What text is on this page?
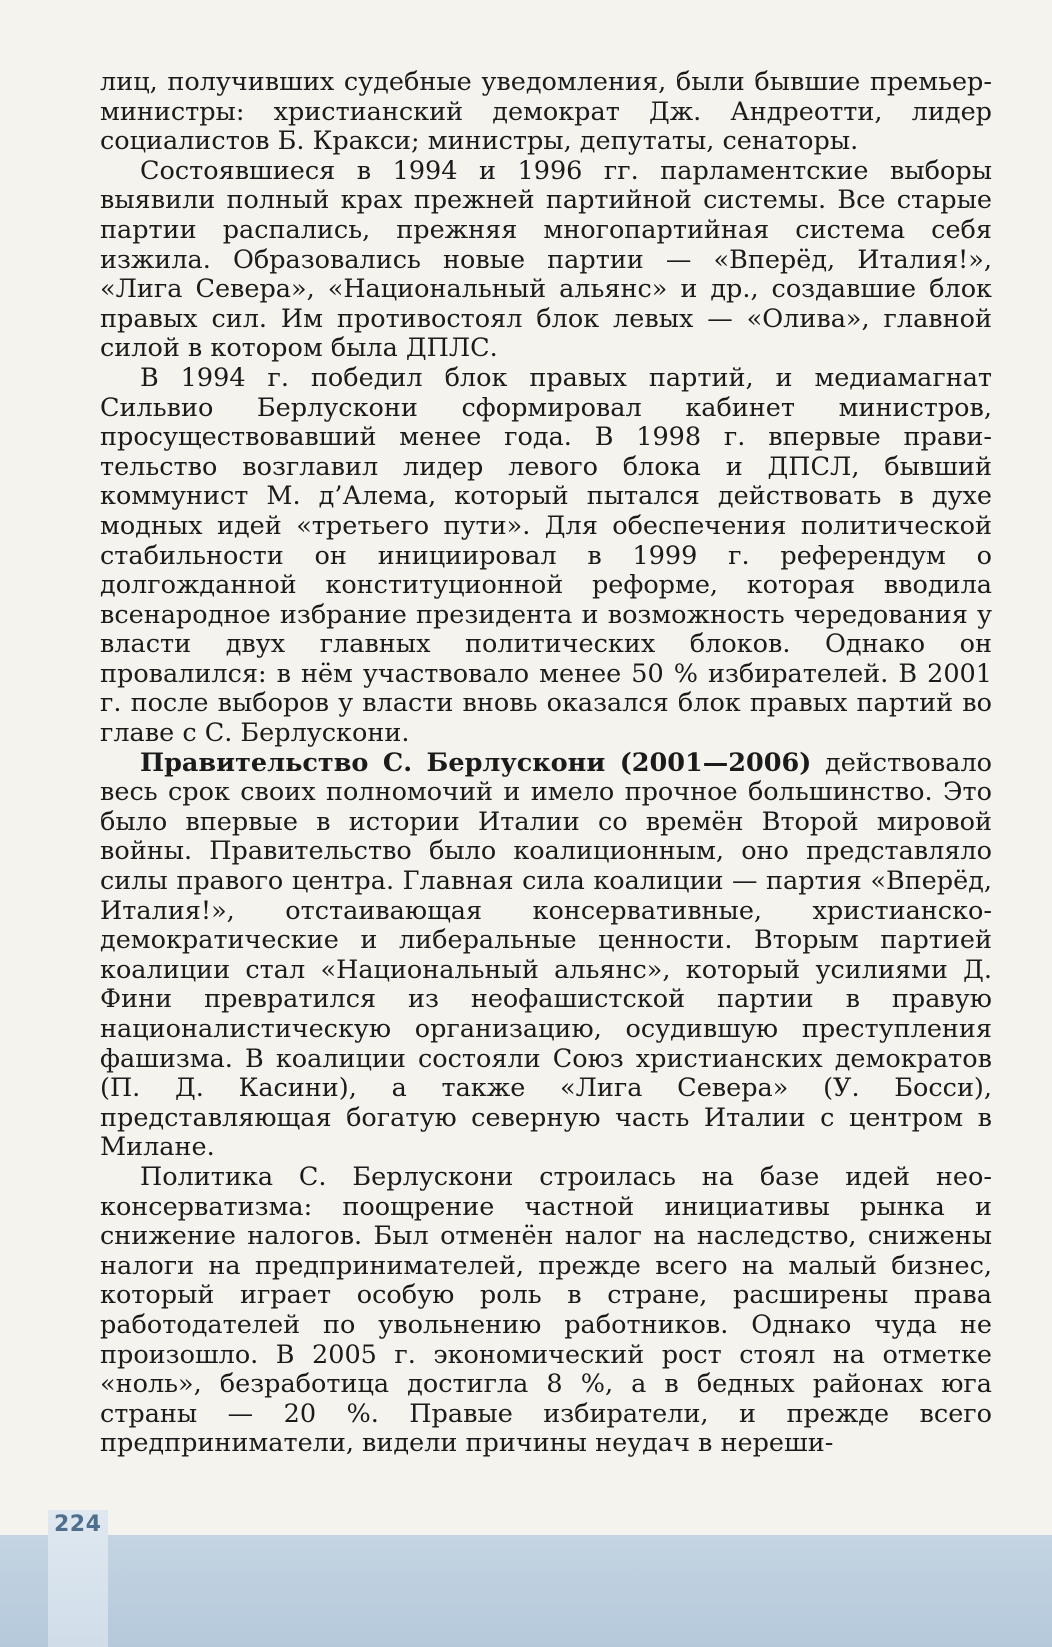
лиц, получивших судебные уведомления, были бывшие премьер-министры: христианский демократ Дж. Андреотти, лидер социалистов Б. Кракси; министры, депутаты, сенаторы.

Состоявшиеся в 1994 и 1996 гг. парламентские выборы выявили полный крах прежней партийной системы. Все старые партии распались, прежняя многопартийная система себя изжила. Образовались новые партии — «Вперёд, Италия!», «Лига Севера», «Национальный альянс» и др., создавшие блок правых сил. Им противостоял блок левых — «Олива», главной силой в котором была ДПЛС.

В 1994 г. победил блок правых партий, и медиамагнат Сильвио Берлускони сформировал кабинет министров, просуществовавший менее года. В 1998 г. впервые правительство возглавил лидер левого блока и ДПСЛ, бывший коммунист М. д’Алема, который пытался действовать в духе модных идей «третьего пути». Для обеспечения политической стабильности он инициировал в 1999 г. референдум о долгожданной конституционной реформе, которая вводила всенародное избрание президента и возможность чередования у власти двух главных политических блоков. Однако он провалился: в нём участвовало менее 50 % избирателей. В 2001 г. после выборов у власти вновь оказался блок правых партий во главе с С. Берлускони.

Правительство С. Берлускони (2001—2006) действовало весь срок своих полномочий и имело прочное большинство. Это было впервые в истории Италии со времён Второй мировой войны. Правительство было коалиционным, оно представляло силы правого центра. Главная сила коалиции — партия «Вперёд, Италия!», отстаивающая консервативные, христианско-демократические и либеральные ценности. Вторым партией коалиции стал «Национальный альянс», который усилиями Д. Фини превратился из неофашистской партии в правую националистическую организацию, осудившую преступления фашизма. В коалиции состояли Союз христианских демократов (П. Д. Касини), а также «Лига Севера» (У. Босси), представляющая богатую северную часть Италии с центром в Милане.

Политика С. Берлускони строилась на базе идей неоконсерватизма: поощрение частной инициативы рынка и снижение налогов. Был отменён налог на наследство, снижены налоги на предпринимателей, прежде всего на малый бизнес, который играет особую роль в стране, расширены права работодателей по увольнению работников. Однако чуда не произошло. В 2005 г. экономический рост стоял на отметке «ноль», безработица достигла 8 %, а в бедных районах юга страны — 20 %. Правые избиратели, и прежде всего предприниматели, видели причины неудач в нереши-

224
